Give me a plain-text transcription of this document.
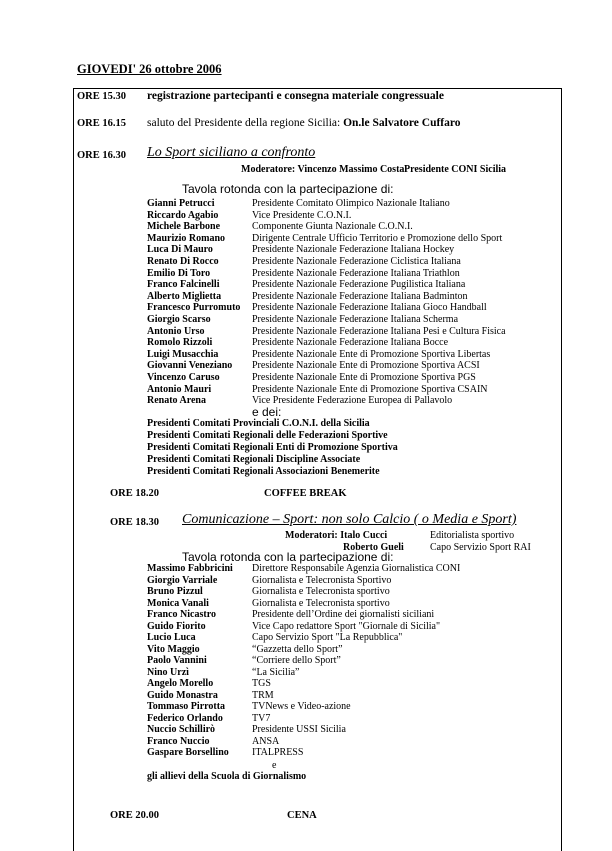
GIOVEDI' 26 ottobre 2006
ORE 15.30 registrazione partecipanti e consegna materiale congressuale
ORE 16.15 saluto del Presidente della regione Sicilia: On.le Salvatore Cuffaro
ORE 16.30 Lo Sport siciliano a confronto
Moderatore: Vincenzo Massimo Costa Presidente CONI Sicilia
Tavola rotonda con la partecipazione di:
Gianni Petrucci	Presidente Comitato Olimpico Nazionale Italiano
Riccardo Agabio	Vice Presidente C.O.N.I.
Michele Barbone	Componente Giunta Nazionale C.O.N.I.
Maurizio Romano	Dirigente Centrale Ufficio Territorio e Promozione dello Sport
Luca Di Mauro	Presidente Nazionale Federazione Italiana Hockey
Renato Di Rocco	Presidente Nazionale Federazione Ciclistica Italiana
Emilio Di Toro	Presidente Nazionale Federazione Italiana Triathlon
Franco Falcinelli	Presidente Nazionale Federazione Pugilistica Italiana
Alberto Miglietta	Presidente Nazionale Federazione Italiana Badminton
Francesco Purromuto Presidente Nazionale Federazione Italiana Gioco Handball
Giorgio Scarso	Presidente Nazionale Federazione Italiana Scherma
Antonio Urso	Presidente Nazionale Federazione Italiana Pesi e Cultura Fisica
Romolo Rizzoli	Presidente Nazionale Federazione Italiana Bocce
Luigi Musacchia	Presidente Nazionale Ente di Promozione Sportiva Libertas
Giovanni Veneziano Presidente Nazionale Ente di Promozione Sportiva ACSI
Vincenzo Caruso	Presidente Nazionale Ente di Promozione Sportiva PGS
Antonio Mauri	Presidente Nazionale Ente di Promozione Sportiva CSAIN
Renato Arena	Vice Presidente Federazione Europea di Pallavolo
e dei:
Presidenti Comitati Provinciali C.O.N.I. della Sicilia
Presidenti Comitati Regionali delle Federazioni Sportive
Presidenti Comitati Regionali Enti di Promozione Sportiva
Presidenti Comitati Regionali Discipline Associate
Presidenti Comitati Regionali Associazioni Benemerite
ORE 18.20	COFFEE BREAK
ORE 18.30 Comunicazione – Sport: non solo Calcio ( o Media e Sport)
Moderatori: Italo Cucci	Editorialista sportivo
Roberto Gueli	Capo Servizio Sport RAI
Tavola rotonda con la partecipazione di:
Massimo Fabbricini Direttore Responsabile Agenzia Giornalistica CONI
Giorgio Varriale	Giornalista e Telecronista Sportivo
Bruno Pizzul	Giornalista e Telecronista sportivo
Monica Vanali	Giornalista e Telecronista sportivo
Franco Nicastro	Presidente dell’Ordine dei giornalisti siciliani
Guido Fiorito	Vice Capo redattore Sport "Giornale di Sicilia"
Lucio Luca	Capo Servizio Sport "La Repubblica"
Vito Maggio	“Gazzetta dello Sport”
Paolo Vannini	“Corriere dello Sport”
Nino Urzì	“La Sicilia”
Angelo Morello	TGS
Guido Monastra	TRM
Tommaso Pirrotta	TVNews e Video-azione
Federico Orlando	TV7
Nuccio Schillirò	Presidente USSI Sicilia
Franco Nuccio	ANSA
Gaspare Borsellino ITALPRESS
e
gli allievi della Scuola di Giornalismo
ORE 20.00	CENA
